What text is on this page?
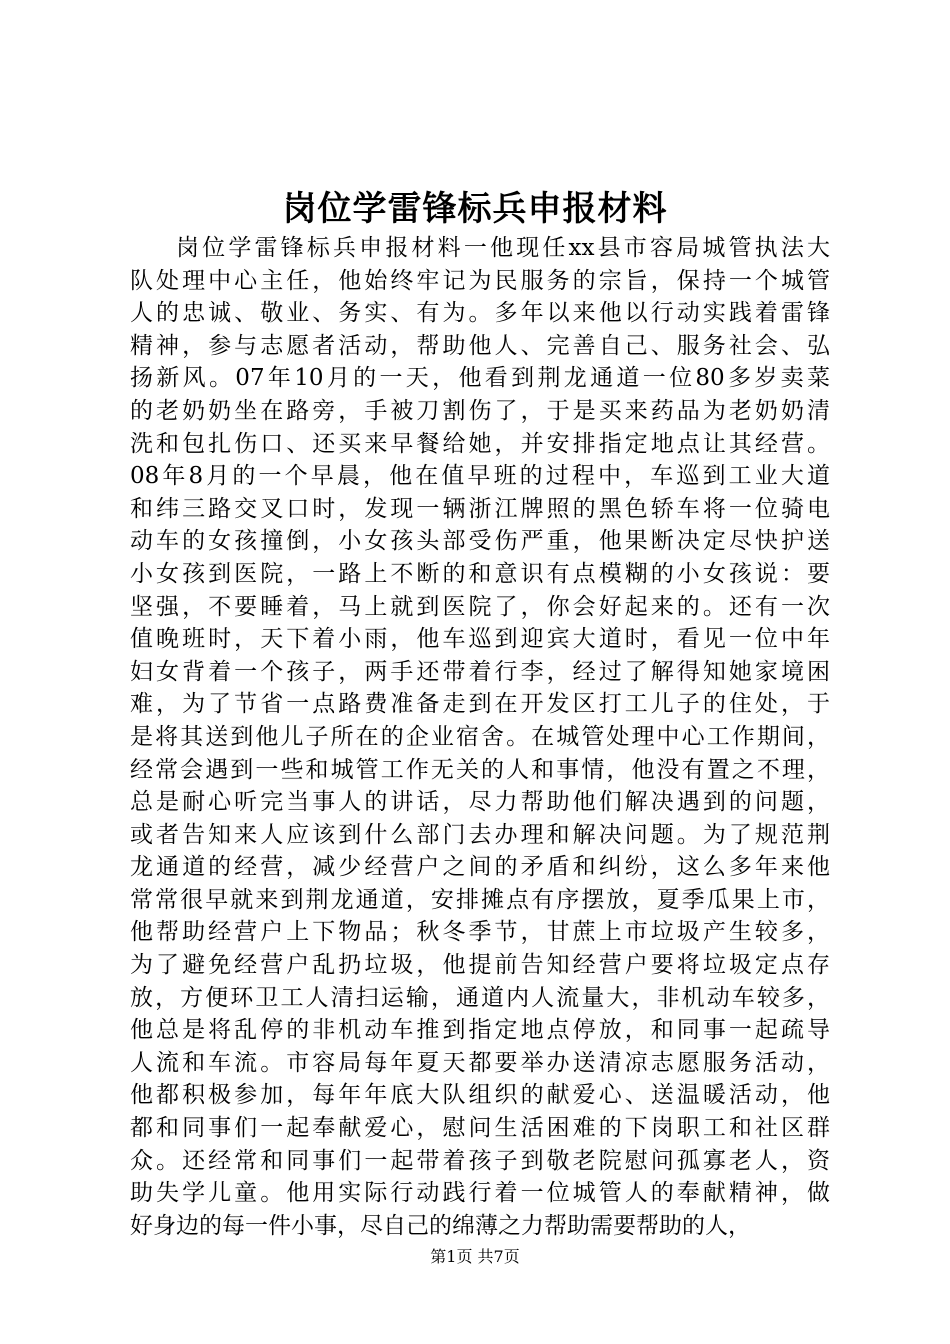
岗位学雷锋标兵申报材料
岗位学雷锋标兵申报材料一他现任xx县市容局城管执法大
队处理中心主任，他始终牢记为民服务的宗旨，保持一个城管
人的忠诚、敬业、务实、有为。多年以来他以行动实践着雷锋
精神，参与志愿者活动，帮助他人、完善自己、服务社会、弘
扬新风。07年10月的一天，他看到荆龙通道一位80多岁卖菜
的老奶奶坐在路旁，手被刀割伤了，于是买来药品为老奶奶清
洗和包扎伤口、还买来早餐给她，并安排指定地点让其经营。
08年8月的一个早晨，他在值早班的过程中，车巡到工业大道
和纬三路交叉口时，发现一辆浙江牌照的黑色轿车将一位骑电
动车的女孩撞倒，小女孩头部受伤严重，他果断决定尽快护送
小女孩到医院，一路上不断的和意识有点模糊的小女孩说：要
坚强，不要睡着，马上就到医院了，你会好起来的。还有一次
值晚班时，天下着小雨，他车巡到迎宾大道时，看见一位中年
妇女背着一个孩子，两手还带着行李，经过了解得知她家境困
难，为了节省一点路费准备走到在开发区打工儿子的住处，于
是将其送到他儿子所在的企业宿舍。在城管处理中心工作期间，
经常会遇到一些和城管工作无关的人和事情，他没有置之不理，
总是耐心听完当事人的讲话，尽力帮助他们解决遇到的问题，
或者告知来人应该到什么部门去办理和解决问题。为了规范荆
龙通道的经营，减少经营户之间的矛盾和纠纷，这么多年来他
常常很早就来到荆龙通道，安排摊点有序摆放，夏季瓜果上市，
他帮助经营户上下物品；秋冬季节，甘蔗上市垃圾产生较多，
为了避免经营户乱扔垃圾，他提前告知经营户要将垃圾定点存
放，方便环卫工人清扫运输，通道内人流量大，非机动车较多，
他总是将乱停的非机动车推到指定地点停放，和同事一起疏导
人流和车流。市容局每年夏天都要举办送清凉志愿服务活动，
他都积极参加，每年年底大队组织的献爱心、送温暖活动，他
都和同事们一起奉献爱心，慰问生活困难的下岗职工和社区群
众。还经常和同事们一起带着孩子到敬老院慰问孤寡老人，资
助失学儿童。他用实际行动践行着一位城管人的奉献精神，做
好身边的每一件小事，尽自己的绵薄之力帮助需要帮助的人，
第1页 共7页
